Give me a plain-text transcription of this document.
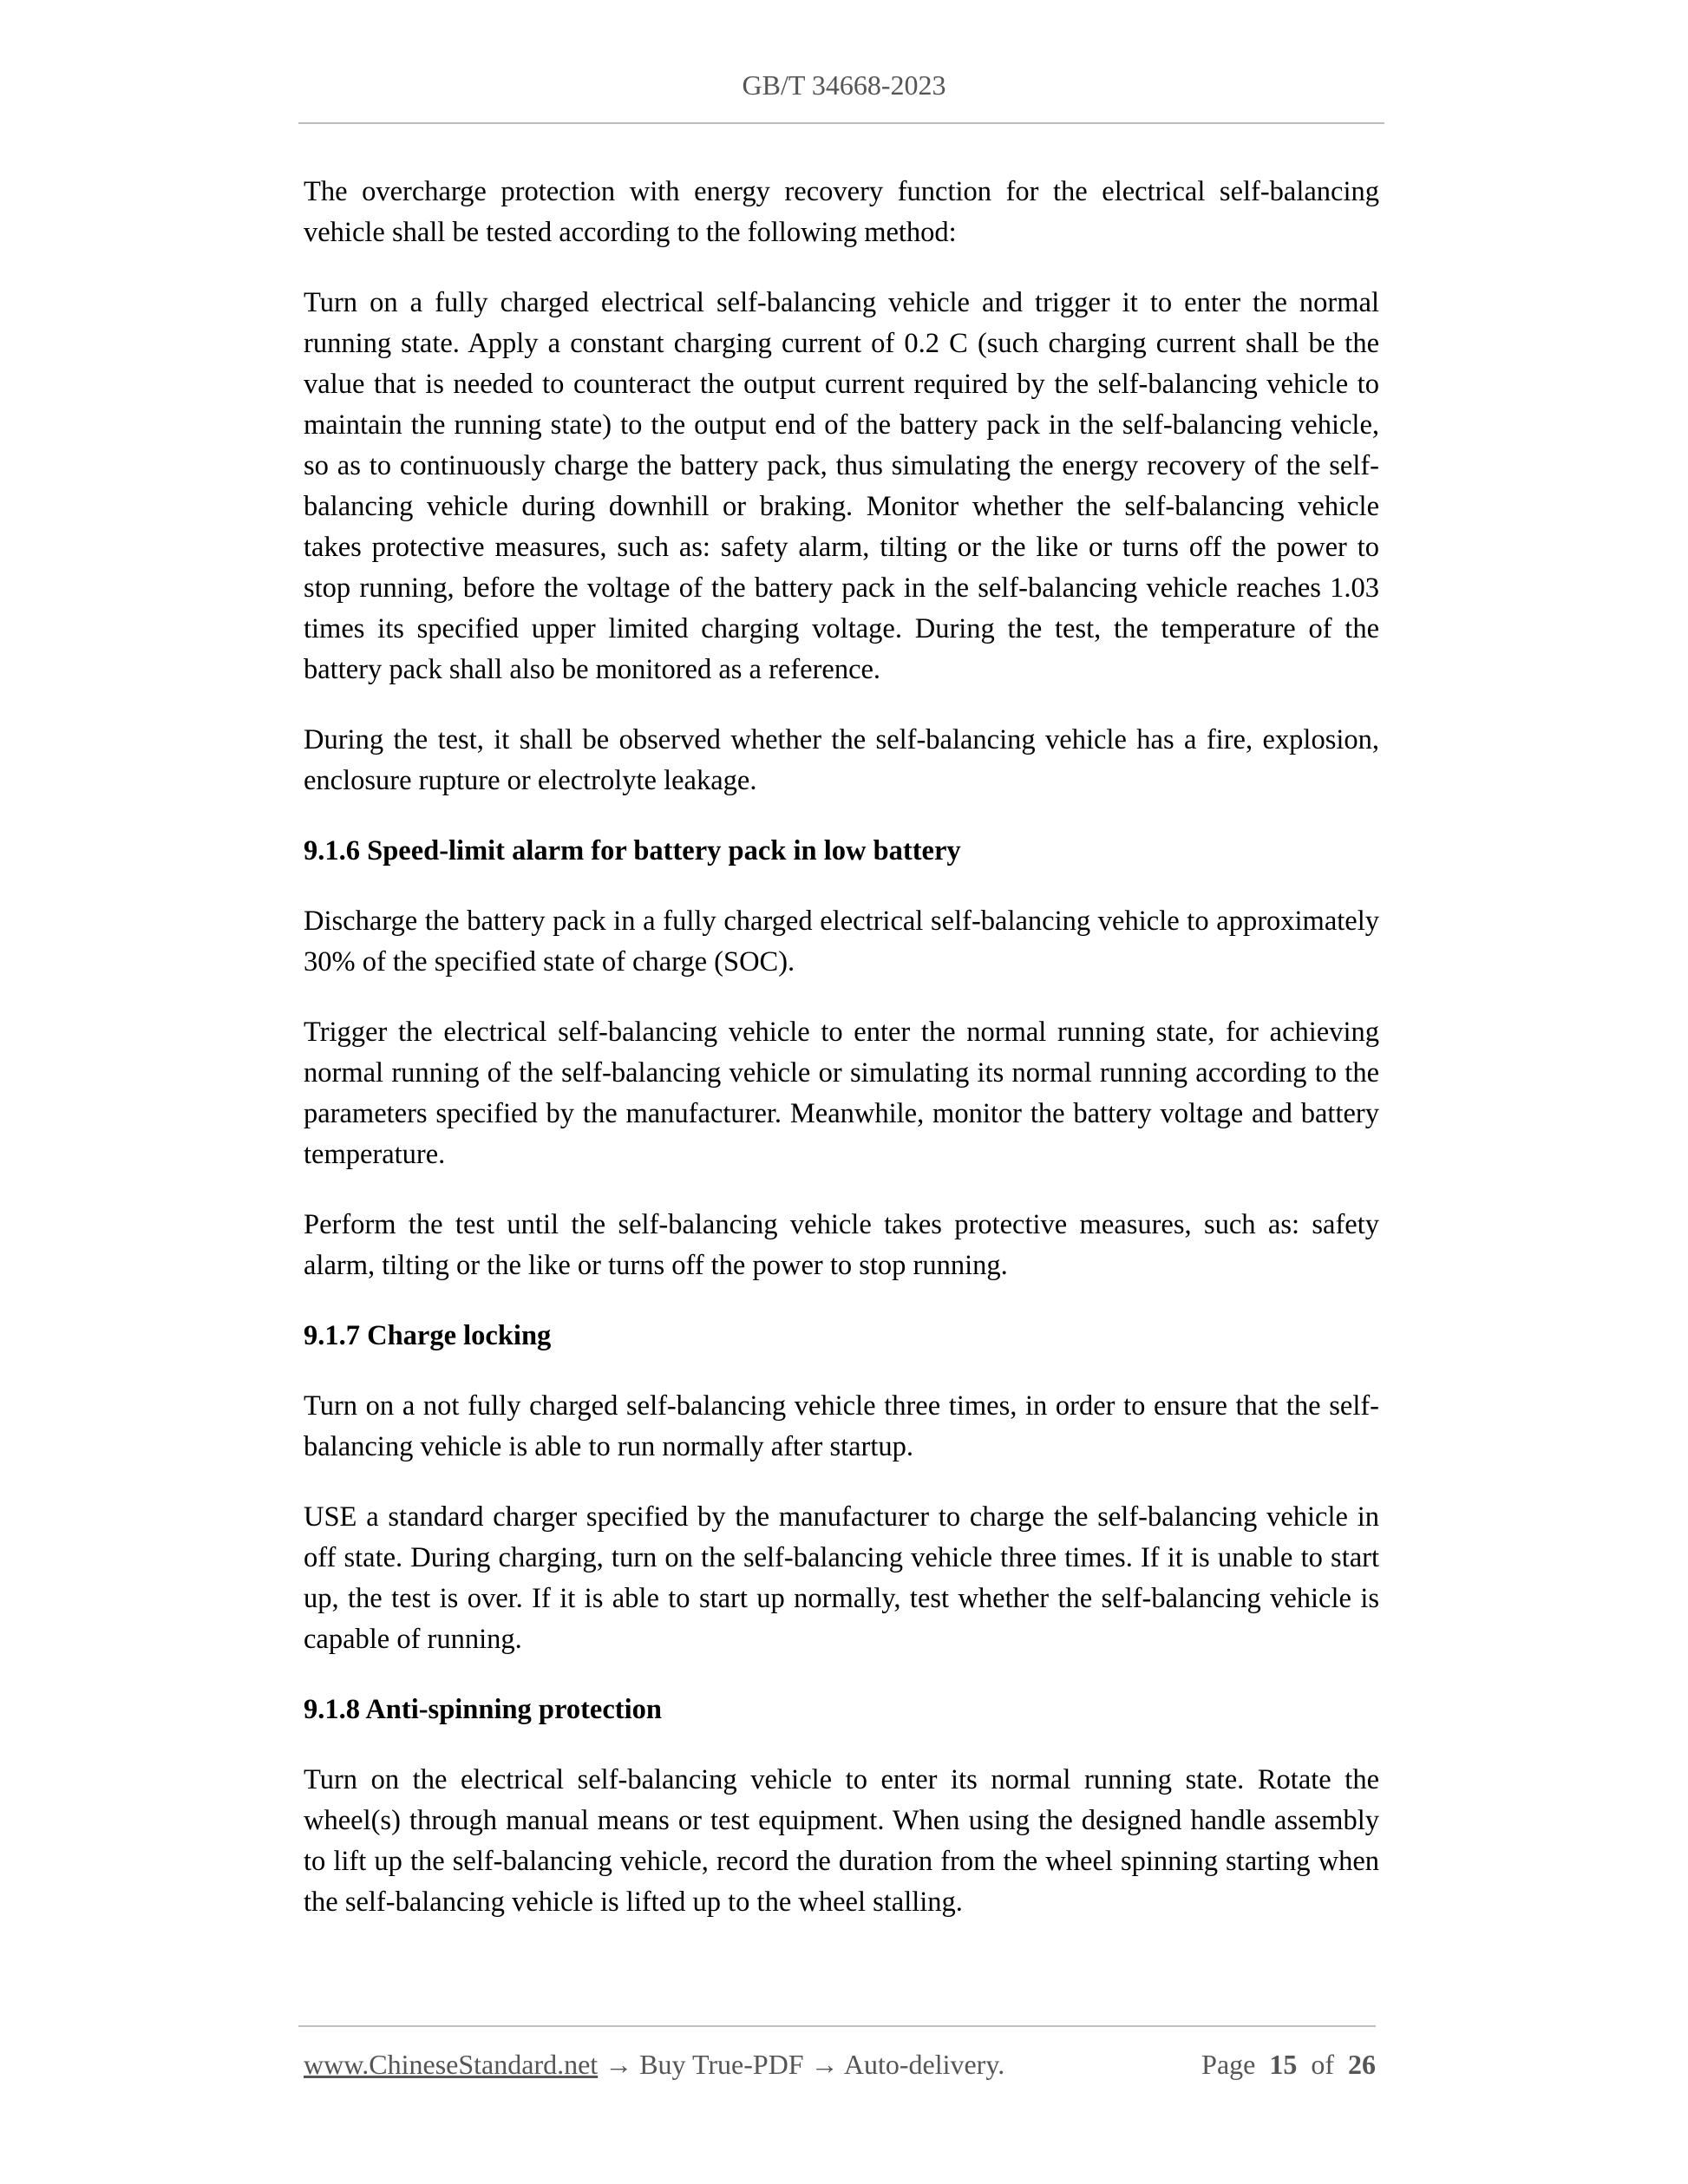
GB/T 34668-2023

The overcharge protection with energy recovery function for the electrical self-balancing vehicle shall be tested according to the following method:

Turn on a fully charged electrical self-balancing vehicle and trigger it to enter the normal running state. Apply a constant charging current of 0.2 C (such charging current shall be the value that is needed to counteract the output current required by the self-balancing vehicle to maintain the running state) to the output end of the battery pack in the self-balancing vehicle, so as to continuously charge the battery pack, thus simulating the energy recovery of the self-balancing vehicle during downhill or braking. Monitor whether the self-balancing vehicle takes protective measures, such as: safety alarm, tilting or the like or turns off the power to stop running, before the voltage of the battery pack in the self-balancing vehicle reaches 1.03 times its specified upper limited charging voltage. During the test, the temperature of the battery pack shall also be monitored as a reference.

During the test, it shall be observed whether the self-balancing vehicle has a fire, explosion, enclosure rupture or electrolyte leakage.

9.1.6 Speed-limit alarm for battery pack in low battery

Discharge the battery pack in a fully charged electrical self-balancing vehicle to approximately 30% of the specified state of charge (SOC).

Trigger the electrical self-balancing vehicle to enter the normal running state, for achieving normal running of the self-balancing vehicle or simulating its normal running according to the parameters specified by the manufacturer. Meanwhile, monitor the battery voltage and battery temperature.

Perform the test until the self-balancing vehicle takes protective measures, such as: safety alarm, tilting or the like or turns off the power to stop running.

9.1.7 Charge locking

Turn on a not fully charged self-balancing vehicle three times, in order to ensure that the self-balancing vehicle is able to run normally after startup.

USE a standard charger specified by the manufacturer to charge the self-balancing vehicle in off state. During charging, turn on the self-balancing vehicle three times. If it is unable to start up, the test is over. If it is able to start up normally, test whether the self-balancing vehicle is capable of running.

9.1.8 Anti-spinning protection

Turn on the electrical self-balancing vehicle to enter its normal running state. Rotate the wheel(s) through manual means or test equipment. When using the designed handle assembly to lift up the self-balancing vehicle, record the duration from the wheel spinning starting when the self-balancing vehicle is lifted up to the wheel stalling.

www.ChineseStandard.net → Buy True-PDF → Auto-delivery.	Page 15 of 26
